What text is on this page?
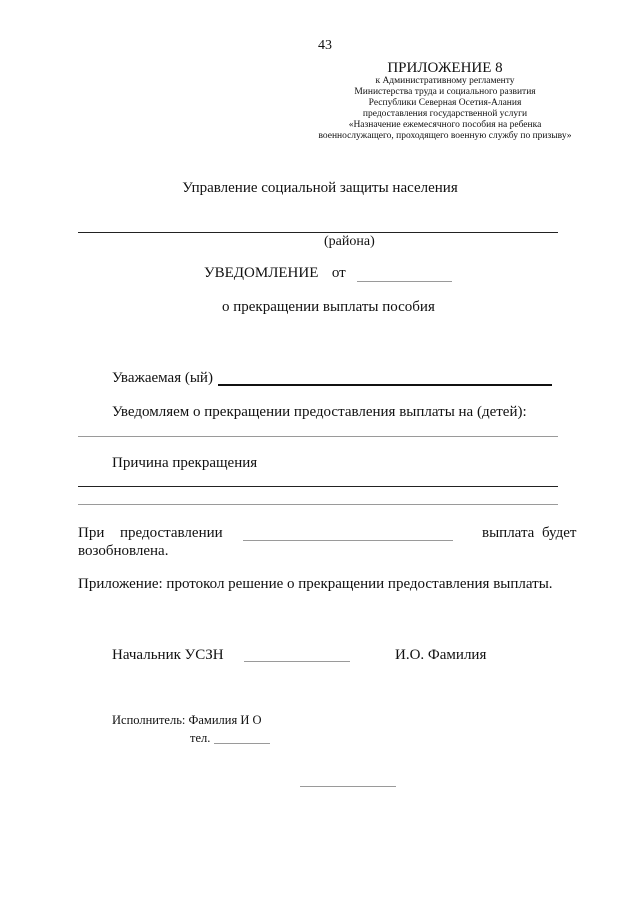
43
ПРИЛОЖЕНИЕ 8
к Административному регламенту
Министерства труда и социального развития
Республики Северная Осетия-Алания
предоставления государственной услуги
«Назначение ежемесячного пособия на ребенка
военнослужащего, проходящего военную службу по призыву»
Управление социальной защиты населения
(района)
УВЕДОМЛЕНИЕ от
о прекращении выплаты пособия
Уважаемая (ый)
Уведомляем о прекращении предоставления выплаты на (детей):
Причина прекращения
При предоставлении	выплата будет
возобновлена.
Приложение: протокол решение о прекращении предоставления выплаты.
Начальник УСЗН	И.О. Фамилия
Исполнитель: Фамилия И О
тел.
